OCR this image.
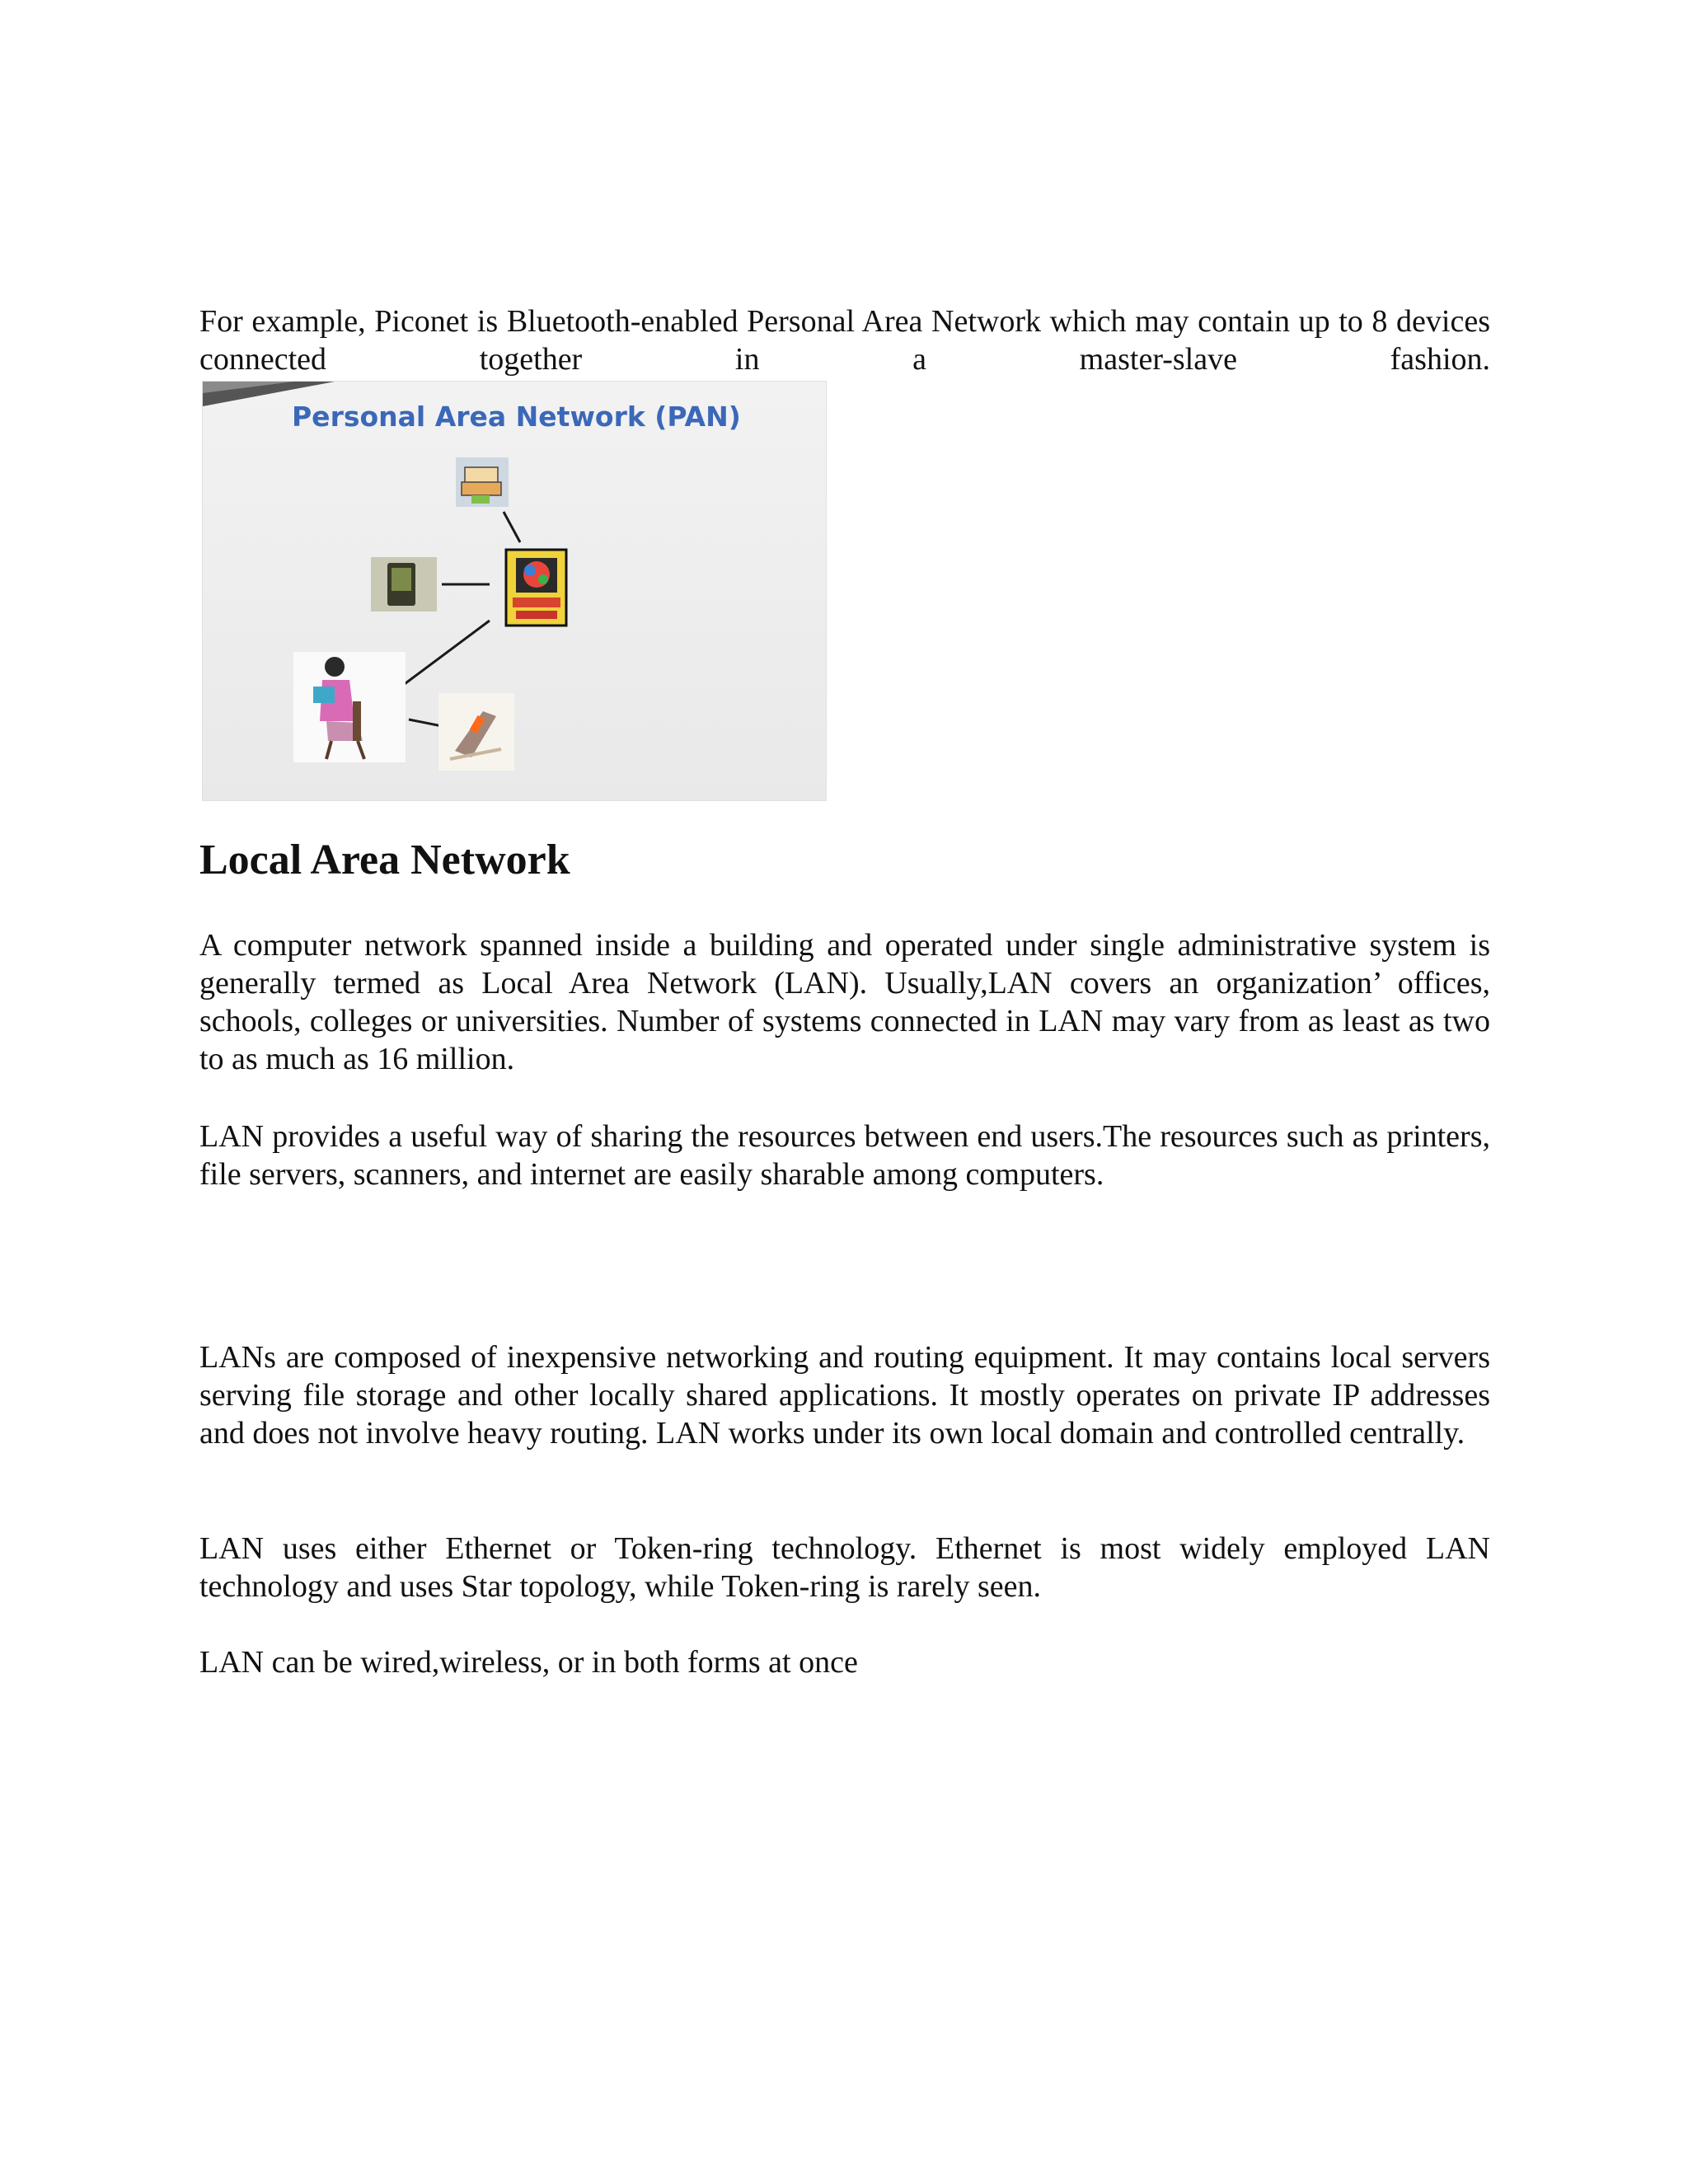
For example, Piconet is Bluetooth-enabled Personal Area Network which may contain up to 8 devices connected together in a master-slave fashion.

Personal Area Network (PAN)
Local Area Network

A computer network spanned inside a building and operated under single administrative system is generally termed as Local Area Network (LAN). Usually,LAN covers an organization’ offices, schools, colleges or universities. Number of systems connected in LAN may vary from as least as two to as much as 16 million.

LAN provides a useful way of sharing the resources between end users.The resources such as printers, file servers, scanners, and internet are easily sharable among computers.

LANs are composed of inexpensive networking and routing equipment. It may contains local servers serving file storage and other locally shared applications. It mostly operates on private IP addresses and does not involve heavy routing. LAN works under its own local domain and controlled centrally.

LAN uses either Ethernet or Token-ring technology. Ethernet is most widely employed LAN technology and uses Star topology, while Token-ring is rarely seen.

LAN can be wired,wireless, or in both forms at once
